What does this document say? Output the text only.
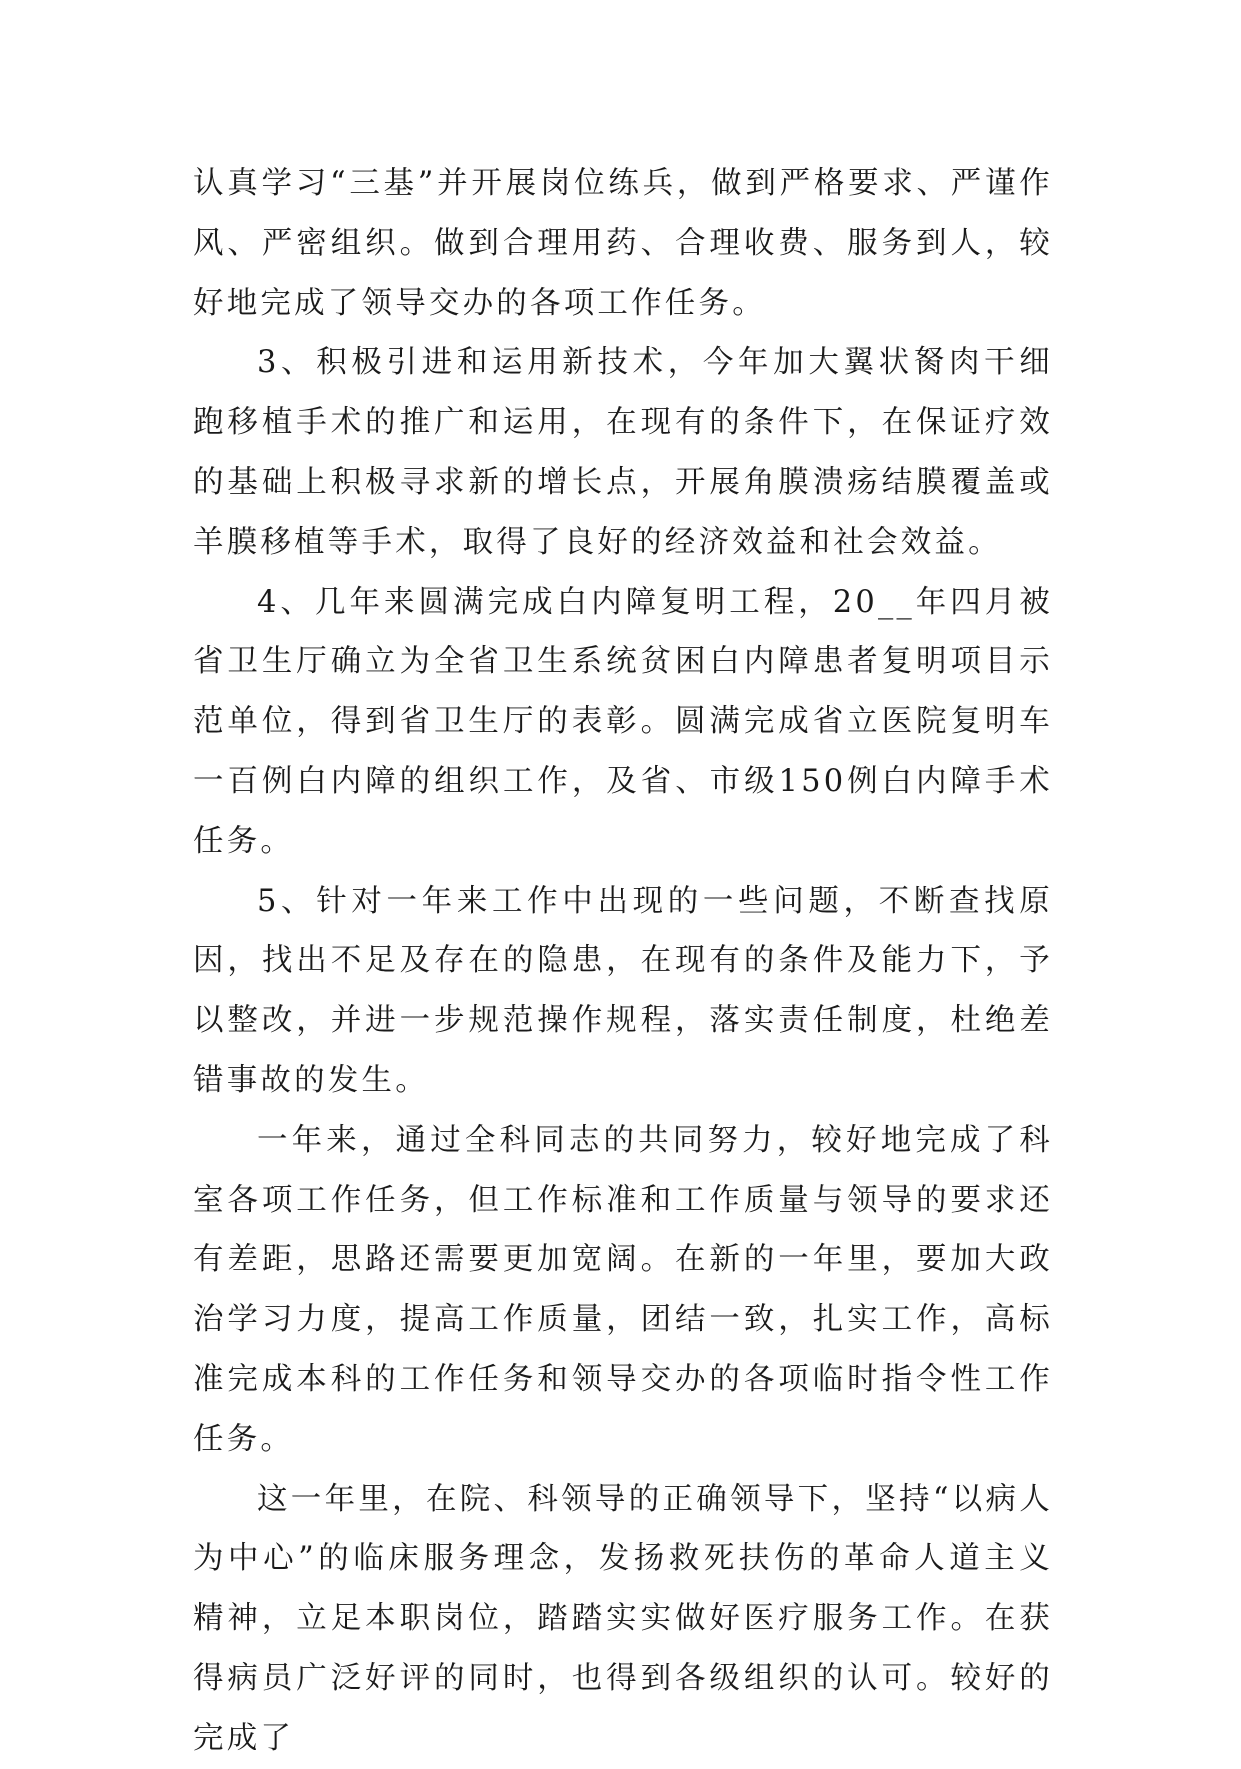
认真学习“三基”并开展岗位练兵，做到严格要求、严谨作风、严密组织。做到合理用药、合理收费、服务到人，较好地完成了领导交办的各项工作任务。

3、积极引进和运用新技术，今年加大翼状胬肉干细跑移植手术的推广和运用，在现有的条件下，在保证疗效的基础上积极寻求新的增长点，开展角膜溃疡结膜覆盖或羊膜移植等手术，取得了良好的经济效益和社会效益。

4、几年来圆满完成白内障复明工程，20__年四月被省卫生厅确立为全省卫生系统贫困白内障患者复明项目示范单位，得到省卫生厅的表彰。圆满完成省立医院复明车一百例白内障的组织工作，及省、市级150例白内障手术任务。

5、针对一年来工作中出现的一些问题，不断查找原因，找出不足及存在的隐患，在现有的条件及能力下，予以整改，并进一步规范操作规程，落实责任制度，杜绝差错事故的发生。

一年来，通过全科同志的共同努力，较好地完成了科室各项工作任务，但工作标准和工作质量与领导的要求还有差距，思路还需要更加宽阔。在新的一年里，要加大政治学习力度，提高工作质量，团结一致，扎实工作，高标准完成本科的工作任务和领导交办的各项临时指令性工作任务。

这一年里，在院、科领导的正确领导下，坚持“以病人为中心”的临床服务理念，发扬救死扶伤的革命人道主义精神，立足本职岗位，踏踏实实做好医疗服务工作。在获得病员广泛好评的同时，也得到各级组织的认可。较好的完成了
